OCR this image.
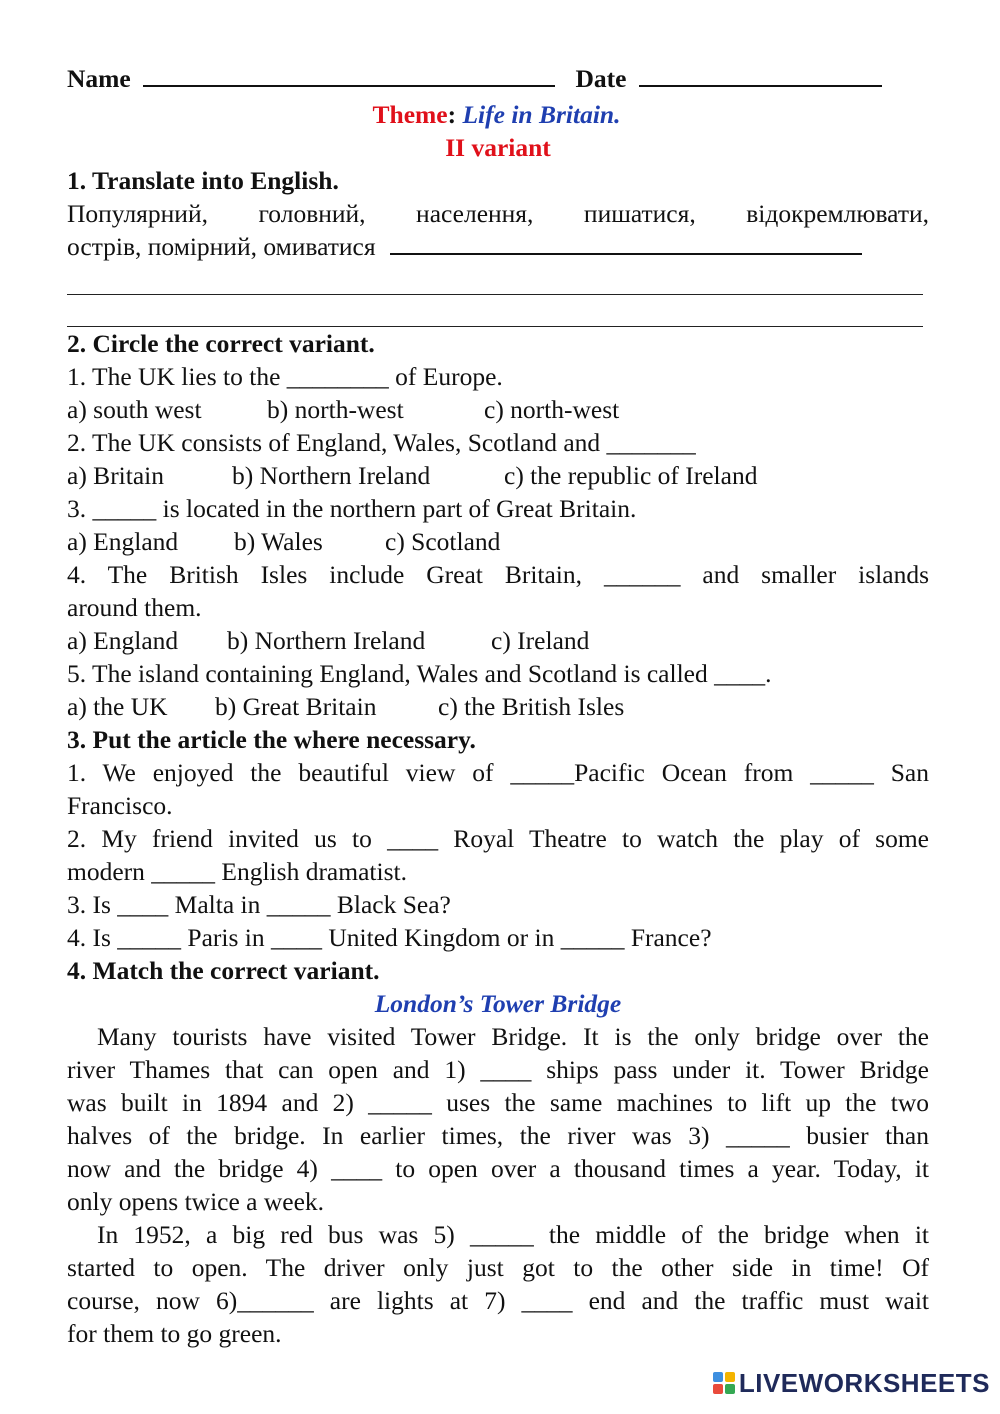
Name	Date
Theme: Life in Britain.
II variant
1. Translate into English.
Популярний, головний, населення, пишатися, відокремлювати,
острів, помірний, омиватися
2. Circle the correct variant.
1. The UK lies to the ________ of Europe.
a) south west	b) north-west	c) north-west
2. The UK consists of England, Wales, Scotland and _______
a) Britain	b) Northern Ireland	c) the republic of Ireland
3. _____ is located in the northern part of Great Britain.
a) England b) Wales c) Scotland
4. The British Isles include Great Britain, ______ and smaller islands
around them.
a) England b) Northern Ireland	c) Ireland
5. The island containing England, Wales and Scotland is called ____.
a) the UK b) Great Britain c) the British Isles
3. Put the article the where necessary.
1. We enjoyed the beautiful view of _____Pacific Ocean from _____ San
Francisco.
2. My friend invited us to ____ Royal Theatre to watch the play of some
modern _____ English dramatist.
3. Is ____ Malta in _____ Black Sea?
4. Is _____ Paris in ____ United Kingdom or in _____ France?
4. Match the correct variant.
London’s Tower Bridge
Many tourists have visited Tower Bridge. It is the only bridge over the
river Thames that can open and 1) ____ ships pass under it. Tower Bridge
was built in 1894 and 2) _____ uses the same machines to lift up the two
halves of the bridge. In earlier times, the river was 3) _____ busier than
now and the bridge 4) ____ to open over a thousand times a year. Today, it
only opens twice a week.
In 1952, a big red bus was 5) _____ the middle of the bridge when it
started to open. The driver only just got to the other side in time! Of
course, now 6)______ are lights at 7) ____ end and the traffic must wait
for them to go green.
LIVEWORKSHEETS
